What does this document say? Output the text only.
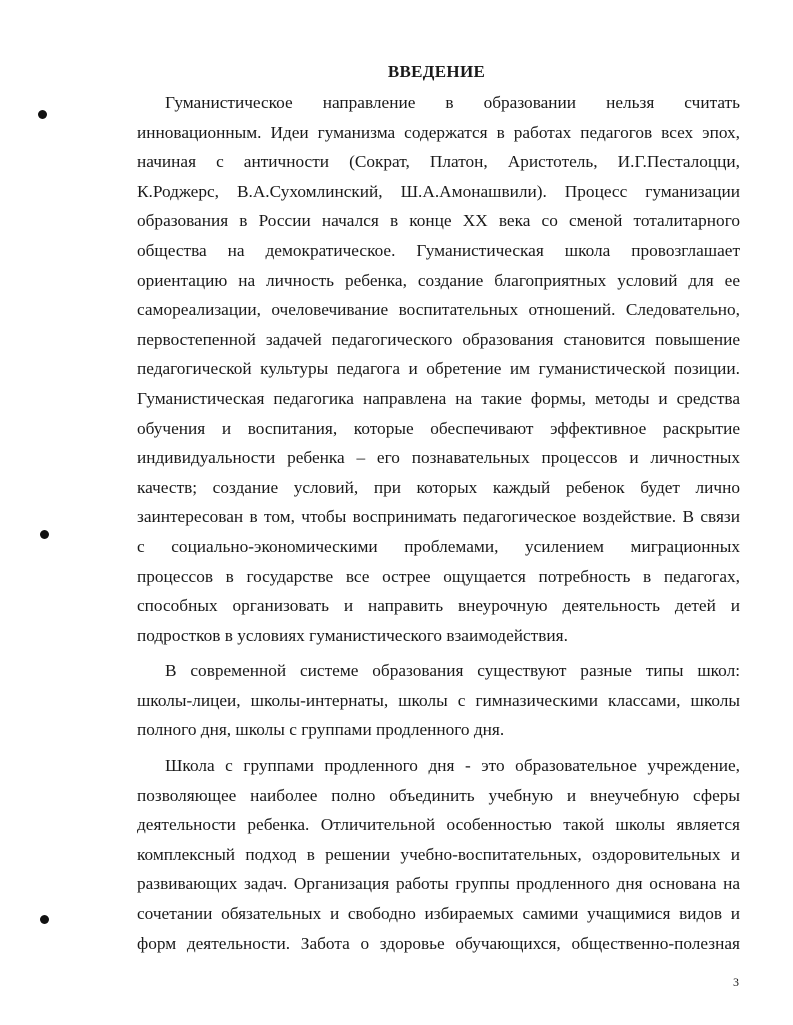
ВВЕДЕНИЕ
Гуманистическое направление в образовании нельзя считать
инновационным. Идеи гуманизма содержатся в работах педагогов всех эпох,
начиная с античности (Сократ, Платон, Аристотель, И.Г.Песталоцци,
К.Роджерс, В.А.Сухомлинский, Ш.А.Амонашвили). Процесс гуманизации
образования в России начался в конце XX века со сменой тоталитарного
общества на демократическое. Гуманистическая школа провозглашает
ориентацию на личность ребенка, создание благоприятных условий для ее
самореализации, очеловечивание воспитательных отношений. Следовательно,
первостепенной задачей педагогического образования становится повышение
педагогической культуры педагога и обретение им гуманистической позиции.
Гуманистическая педагогика направлена на такие формы, методы и средства
обучения и воспитания, которые обеспечивают эффективное раскрытие
индивидуальности ребенка – его познавательных процессов и личностных
качеств; создание условий, при которых каждый ребенок будет лично
заинтересован в том, чтобы воспринимать педагогическое воздействие. В связи
с социально-экономическими проблемами, усилением миграционных
процессов в государстве все острее ощущается потребность в педагогах,
способных организовать и направить внеурочную деятельность детей и
подростков в условиях гуманистического взаимодействия.
В современной системе образования существуют разные типы школ:
школы-лицеи, школы-интернаты, школы с гимназическими классами, школы
полного дня, школы с группами продленного дня.
Школа с группами продленного дня - это образовательное учреждение,
позволяющее наиболее полно объединить учебную и внеучебную сферы
деятельности ребенка. Отличительной особенностью такой школы является
комплексный подход в решении учебно-воспитательных, оздоровительных и
развивающих задач. Организация работы группы продленного дня основана на
сочетании обязательных и свободно избираемых самими учащимися видов и
форм деятельности. Забота о здоровье обучающихся, общественно-полезная
3
